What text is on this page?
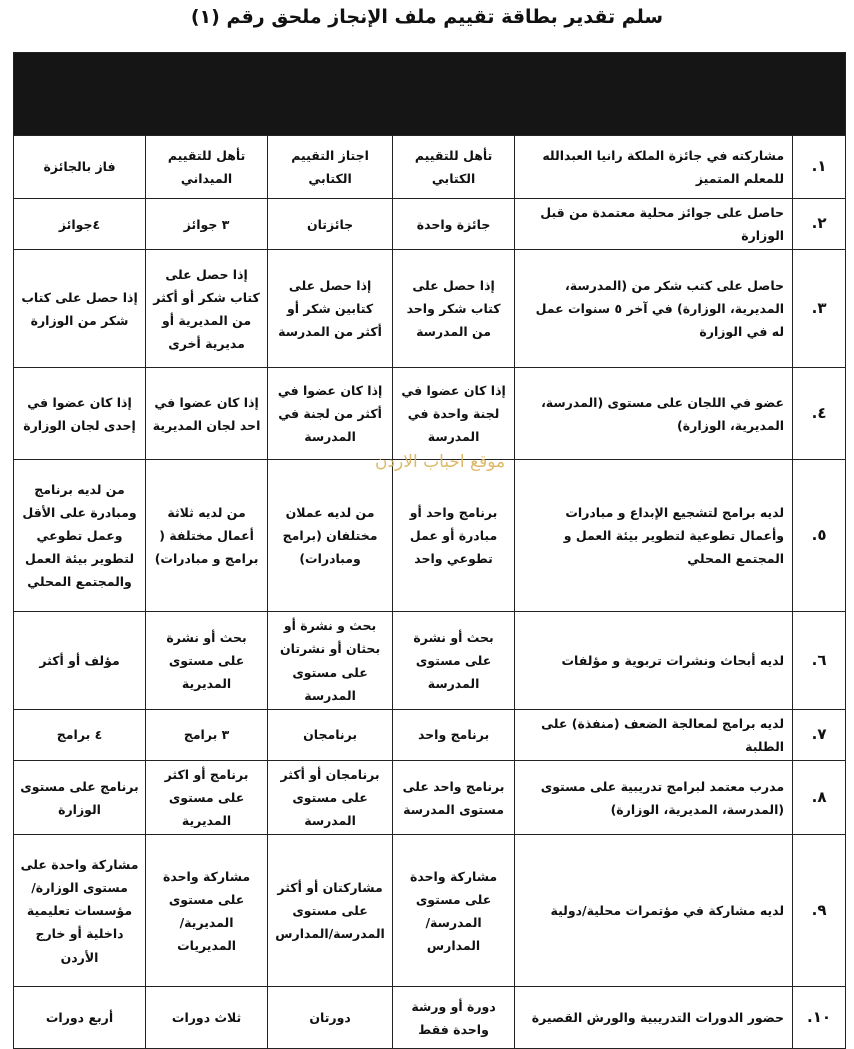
سلم تقدير بطاقة تقييم ملف الإنجاز ملحق رقم (١)

١.	مشاركته في جائزة الملكة رانيا العبدالله للمعلم المتميز	تأهل للتقييم الكتابي	اجتاز التقييم الكتابي	تأهل للتقييم الميداني	فاز بالجائزة
٢.	حاصل على جوائز محلية معتمدة من قبل الوزارة	جائزة واحدة	جائزتان	٣ جوائز	٤جوائز
٣.	حاصل على كتب شكر من (المدرسة، المديرية، الوزارة) في آخر ٥ سنوات عمل له في الوزارة	إذا حصل على كتاب شكر واحد من المدرسة	إذا حصل على كتابين شكر أو أكثر من المدرسة	إذا حصل على كتاب شكر أو أكثر من المديرية أو مديرية أخرى	إذا حصل على كتاب شكر من الوزارة
٤.	عضو في اللجان على مستوى (المدرسة، المديرية، الوزارة)	إذا كان عضوا في لجنة واحدة في المدرسة	إذا كان عضوا في أكثر من لجنة في المدرسة	إذا كان عضوا في احد لجان المديرية	إذا كان عضوا في إحدى لجان الوزارة
٥.	لديه برامج لتشجيع الإبداع و مبادرات وأعمال تطوعية لتطوير بيئة العمل و المجتمع المحلي	برنامج واحد أو مبادرة أو عمل تطوعي واحد	من لديه عملان مختلفان (برامج ومبادرات)	من لديه ثلاثة أعمال مختلفة ( برامج و مبادرات)	من لديه برنامج ومبادرة على الأقل وعمل تطوعي لتطوير بيئة العمل والمجتمع المحلي
٦.	لديه أبحاث ونشرات تربوية و مؤلفات	بحث أو نشرة على مستوى المدرسة	بحث و نشرة أو بحثان أو نشرتان على مستوى المدرسة	بحث أو نشرة على مستوى المديرية	مؤلف أو أكثر
٧.	لديه برامج لمعالجة الضعف (منفذة) على الطلبة	برنامج واحد	برنامجان	٣ برامج	٤ برامج
٨.	مدرب معتمد لبرامج تدريبية على مستوى (المدرسة، المديرية، الوزارة)	برنامج واحد على مستوى المدرسة	برنامجان أو أكثر على مستوى المدرسة	برنامج أو اكثر على مستوى المديرية	برنامج على مستوى الوزارة
٩.	لديه مشاركة في مؤتمرات محلية/دولية	مشاركة واحدة على مستوى المدرسة/المدارس	مشاركتان أو أكثر على مستوى المدرسة/المدارس	مشاركة واحدة على مستوى المديرية/المديريات	مشاركة واحدة على مستوى الوزارة/مؤسسات تعليمية داخلية أو خارج الأردن
١٠.	حضور الدورات التدريبية والورش القصيرة	دورة أو ورشة واحدة فقط	دورتان	ثلاث دورات	أربع دورات
موقع احباب الاردن
